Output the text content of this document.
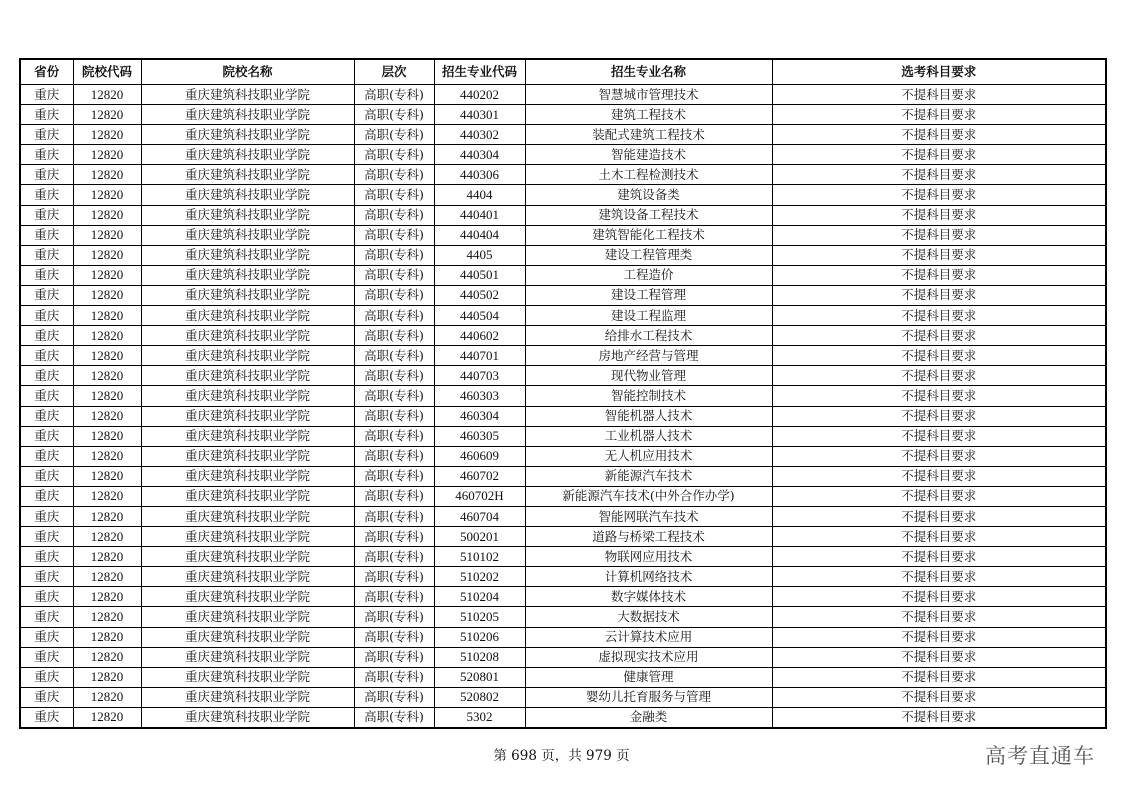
省份	院校代码	院校名称	层次	招生专业代码	招生专业名称	选考科目要求
重庆	12820	重庆建筑科技职业学院	高职(专科)	440202	智慧城市管理技术	不提科目要求
重庆	12820	重庆建筑科技职业学院	高职(专科)	440301	建筑工程技术	不提科目要求
重庆	12820	重庆建筑科技职业学院	高职(专科)	440302	装配式建筑工程技术	不提科目要求
重庆	12820	重庆建筑科技职业学院	高职(专科)	440304	智能建造技术	不提科目要求
重庆	12820	重庆建筑科技职业学院	高职(专科)	440306	土木工程检测技术	不提科目要求
重庆	12820	重庆建筑科技职业学院	高职(专科)	4404	建筑设备类	不提科目要求
重庆	12820	重庆建筑科技职业学院	高职(专科)	440401	建筑设备工程技术	不提科目要求
重庆	12820	重庆建筑科技职业学院	高职(专科)	440404	建筑智能化工程技术	不提科目要求
重庆	12820	重庆建筑科技职业学院	高职(专科)	4405	建设工程管理类	不提科目要求
重庆	12820	重庆建筑科技职业学院	高职(专科)	440501	工程造价	不提科目要求
重庆	12820	重庆建筑科技职业学院	高职(专科)	440502	建设工程管理	不提科目要求
重庆	12820	重庆建筑科技职业学院	高职(专科)	440504	建设工程监理	不提科目要求
重庆	12820	重庆建筑科技职业学院	高职(专科)	440602	给排水工程技术	不提科目要求
重庆	12820	重庆建筑科技职业学院	高职(专科)	440701	房地产经营与管理	不提科目要求
重庆	12820	重庆建筑科技职业学院	高职(专科)	440703	现代物业管理	不提科目要求
重庆	12820	重庆建筑科技职业学院	高职(专科)	460303	智能控制技术	不提科目要求
重庆	12820	重庆建筑科技职业学院	高职(专科)	460304	智能机器人技术	不提科目要求
重庆	12820	重庆建筑科技职业学院	高职(专科)	460305	工业机器人技术	不提科目要求
重庆	12820	重庆建筑科技职业学院	高职(专科)	460609	无人机应用技术	不提科目要求
重庆	12820	重庆建筑科技职业学院	高职(专科)	460702	新能源汽车技术	不提科目要求
重庆	12820	重庆建筑科技职业学院	高职(专科)	460702H	新能源汽车技术(中外合作办学)	不提科目要求
重庆	12820	重庆建筑科技职业学院	高职(专科)	460704	智能网联汽车技术	不提科目要求
重庆	12820	重庆建筑科技职业学院	高职(专科)	500201	道路与桥梁工程技术	不提科目要求
重庆	12820	重庆建筑科技职业学院	高职(专科)	510102	物联网应用技术	不提科目要求
重庆	12820	重庆建筑科技职业学院	高职(专科)	510202	计算机网络技术	不提科目要求
重庆	12820	重庆建筑科技职业学院	高职(专科)	510204	数字媒体技术	不提科目要求
重庆	12820	重庆建筑科技职业学院	高职(专科)	510205	大数据技术	不提科目要求
重庆	12820	重庆建筑科技职业学院	高职(专科)	510206	云计算技术应用	不提科目要求
重庆	12820	重庆建筑科技职业学院	高职(专科)	510208	虚拟现实技术应用	不提科目要求
重庆	12820	重庆建筑科技职业学院	高职(专科)	520801	健康管理	不提科目要求
重庆	12820	重庆建筑科技职业学院	高职(专科)	520802	婴幼儿托育服务与管理	不提科目要求
重庆	12820	重庆建筑科技职业学院	高职(专科)	5302	金融类	不提科目要求
第 698 页，共 979 页	高考直通车
